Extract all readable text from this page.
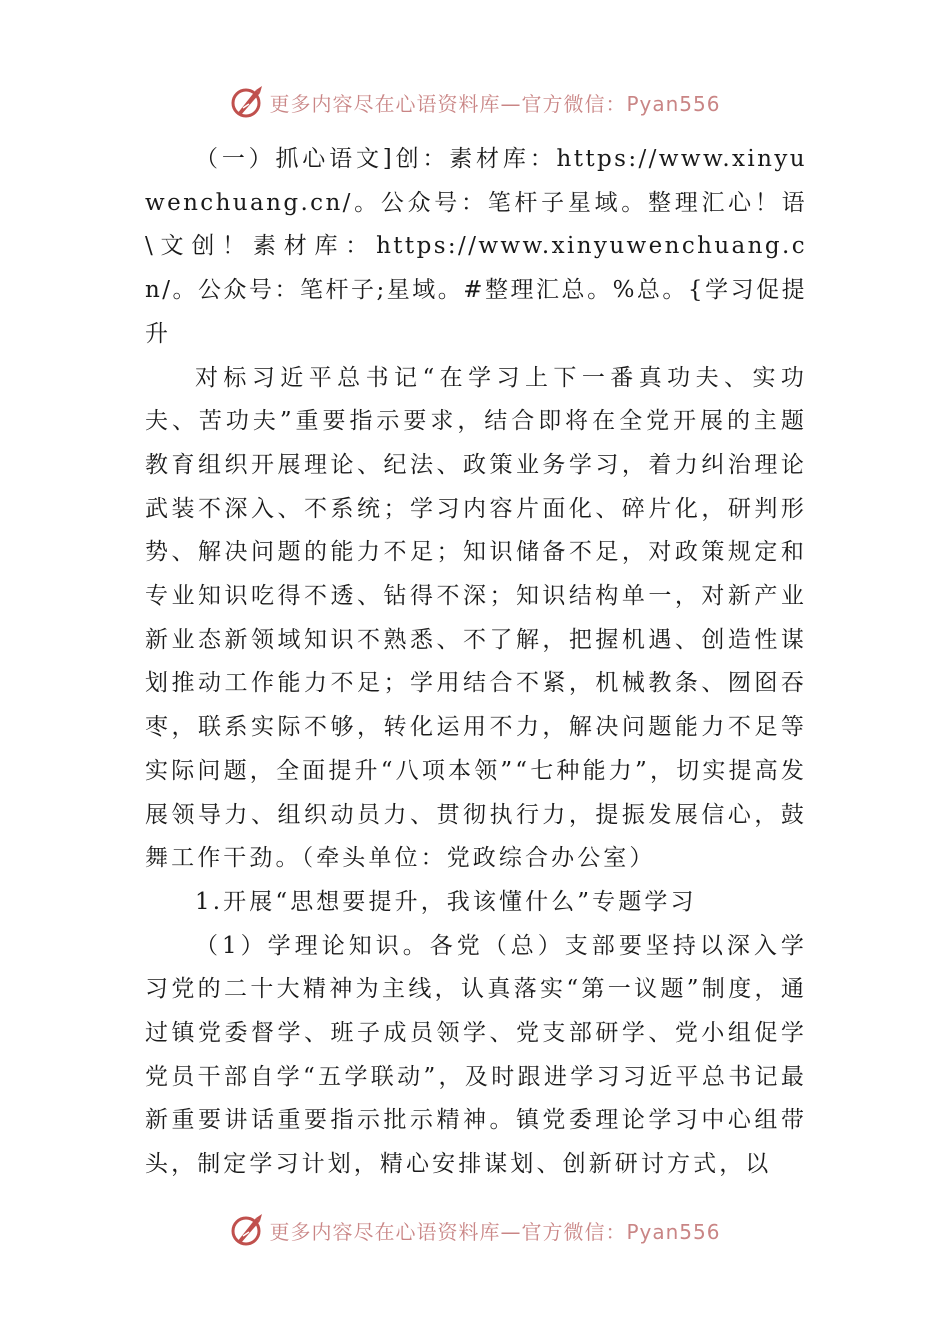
更多内容尽在心语资料库—官方微信：Pyan556

（一）抓心语文]创：素材库：https://www.xinyuwenchuang.cn/。公众号：笔杆子星域。整理汇心！语\文创！素材库：https://www.xinyuwenchuang.cn/。公众号：笔杆子;星域。#整理汇总。%总。{学习促提升

对标习近平总书记“在学习上下一番真功夫、实功夫、苦功夫”重要指示要求，结合即将在全党开展的主题教育组织开展理论、纪法、政策业务学习，着力纠治理论武装不深入、不系统；学习内容片面化、碎片化，研判形势、解决问题的能力不足；知识储备不足，对政策规定和专业知识吃得不透、钻得不深；知识结构单一，对新产业新业态新领域知识不熟悉、不了解，把握机遇、创造性谋划推动工作能力不足；学用结合不紧，机械教条、囫囵吞枣，联系实际不够，转化运用不力，解决问题能力不足等实际问题，全面提升“八项本领”“七种能力”，切实提高发展领导力、组织动员力、贯彻执行力，提振发展信心，鼓舞工作干劲。（牵头单位：党政综合办公室）

1.开展“思想要提升，我该懂什么”专题学习

（1）学理论知识。各党（总）支部要坚持以深入学习党的二十大精神为主线，认真落实“第一议题”制度，通过镇党委督学、班子成员领学、党支部研学、党小组促学党员干部自学“五学联动”，及时跟进学习习近平总书记最新重要讲话重要指示批示精神。镇党委理论学习中心组带头，制定学习计划，精心安排谋划、创新研讨方式，以

更多内容尽在心语资料库—官方微信：Pyan556
